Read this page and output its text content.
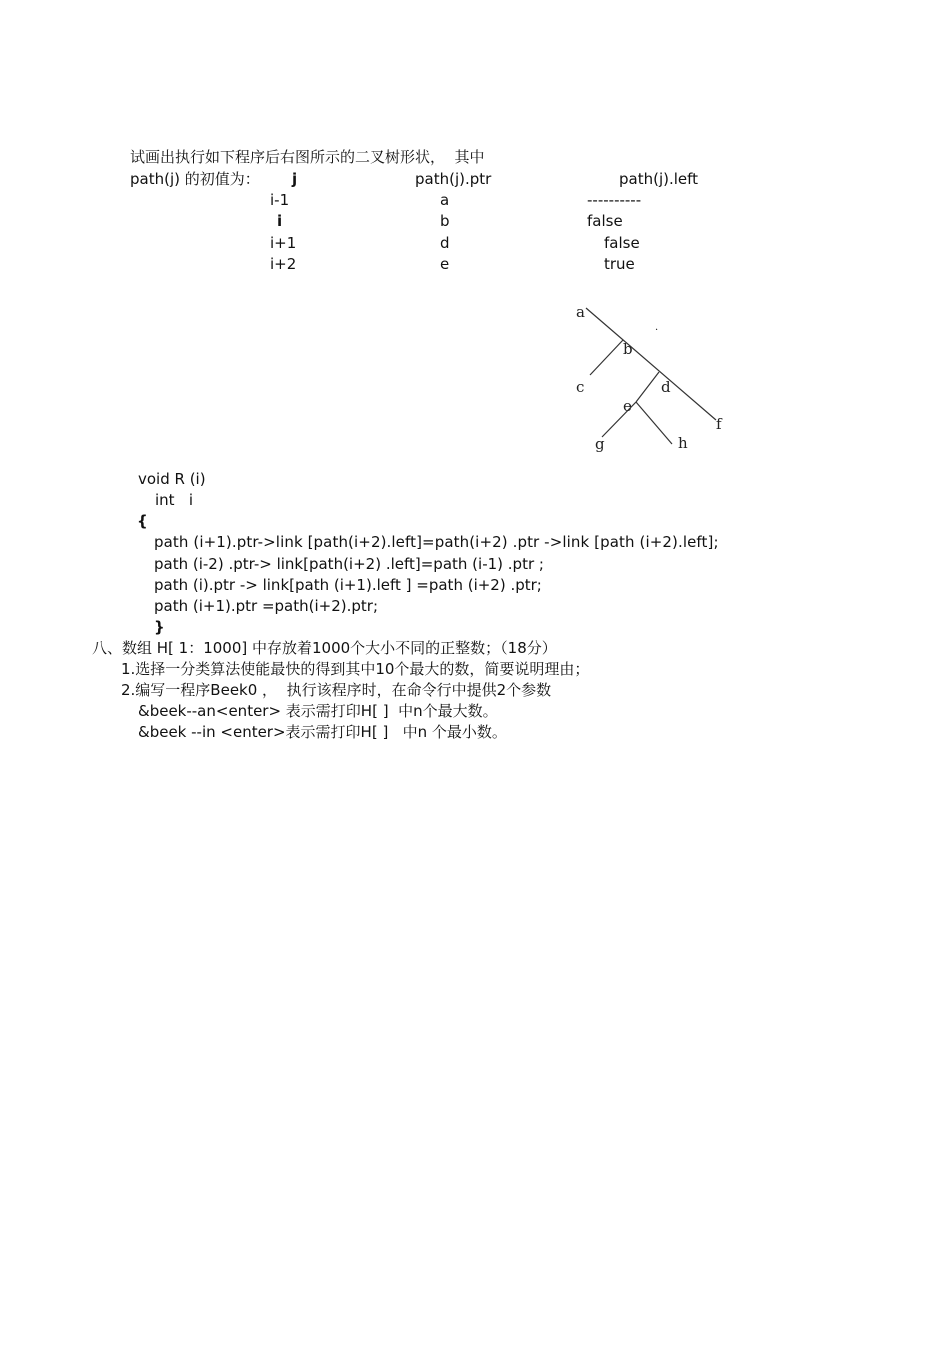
试画出执行如下程序后右图所示的二叉树形状，  其中
path(j) 的初值为： j	path(j).ptr	path(j).left
i-1	a	----------
i	b	false
i+1	d	false
i+2	e	true
a
b
c	d
e
f
g	h
·
void R (i)
int   i
{
path (i+1).ptr->link [path(i+2).left]=path(i+2) .ptr ->link [path (i+2).left];
path (i-2) .ptr-> link[path(i+2) .left]=path (i-1) .ptr ;
path (i).ptr -> link[path (i+1).left ] =path (i+2) .ptr;
path (i+1).ptr =path(i+2).ptr;
}
八、数组 H[ 1：1000] 中存放着1000个大小不同的正整数；（18分）
1.选择一分类算法使能最快的得到其中10个最大的数，简要说明理由；
2.编写一程序Beek0 ，  执行该程序时，在命令行中提供2个参数
&beek--an<enter> 表示需打印H[ ]  中n个最大数。
&beek --in <enter>表示需打印H[ ]   中n 个最小数。
